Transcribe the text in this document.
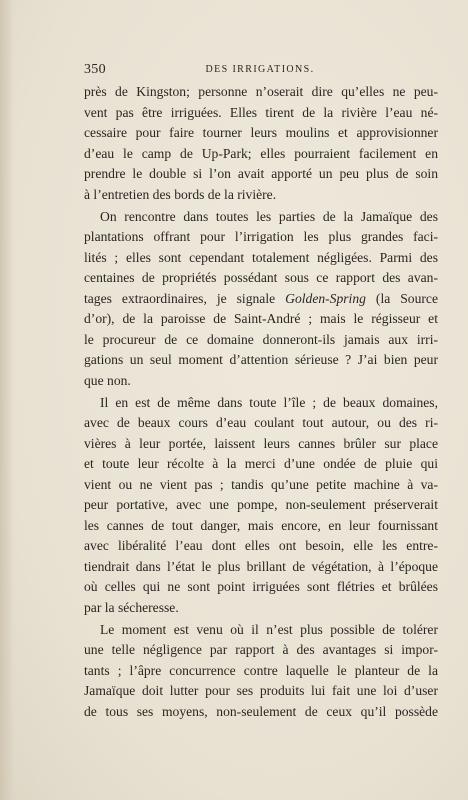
350	DES IRRIGATIONS.
près de Kingston; personne n’oserait dire qu’elles ne peu-
vent pas être irriguées. Elles tirent de la rivière l’eau né-
cessaire pour faire tourner leurs moulins et approvisionner
d’eau le camp de Up-Park; elles pourraient facilement en
prendre le double si l’on avait apporté un peu plus de soin
à l’entretien des bords de la rivière.
On rencontre dans toutes les parties de la Jamaïque des
plantations offrant pour l’irrigation les plus grandes faci-
lités ; elles sont cependant totalement négligées. Parmi des
centaines de propriétés possédant sous ce rapport des avan-
tages extraordinaires, je signale Golden-Spring (la Source
d’or), de la paroisse de Saint-André ; mais le régisseur et
le procureur de ce domaine donneront-ils jamais aux irri-
gations un seul moment d’attention sérieuse ? J’ai bien peur
que non.
Il en est de même dans toute l’île ; de beaux domaines,
avec de beaux cours d’eau coulant tout autour, ou des ri-
vières à leur portée, laissent leurs cannes brûler sur place
et toute leur récolte à la merci d’une ondée de pluie qui
vient ou ne vient pas ; tandis qu’une petite machine à va-
peur portative, avec une pompe, non-seulement préserverait
les cannes de tout danger, mais encore, en leur fournissant
avec libéralité l’eau dont elles ont besoin, elle les entre-
tiendrait dans l’état le plus brillant de végétation, à l’époque
où celles qui ne sont point irriguées sont flétries et brûlées
par la sécheresse.
Le moment est venu où il n’est plus possible de tolérer
une telle négligence par rapport à des avantages si impor-
tants ; l’âpre concurrence contre laquelle le planteur de la
Jamaïque doit lutter pour ses produits lui fait une loi d’user
de tous ses moyens, non-seulement de ceux qu’il possède
